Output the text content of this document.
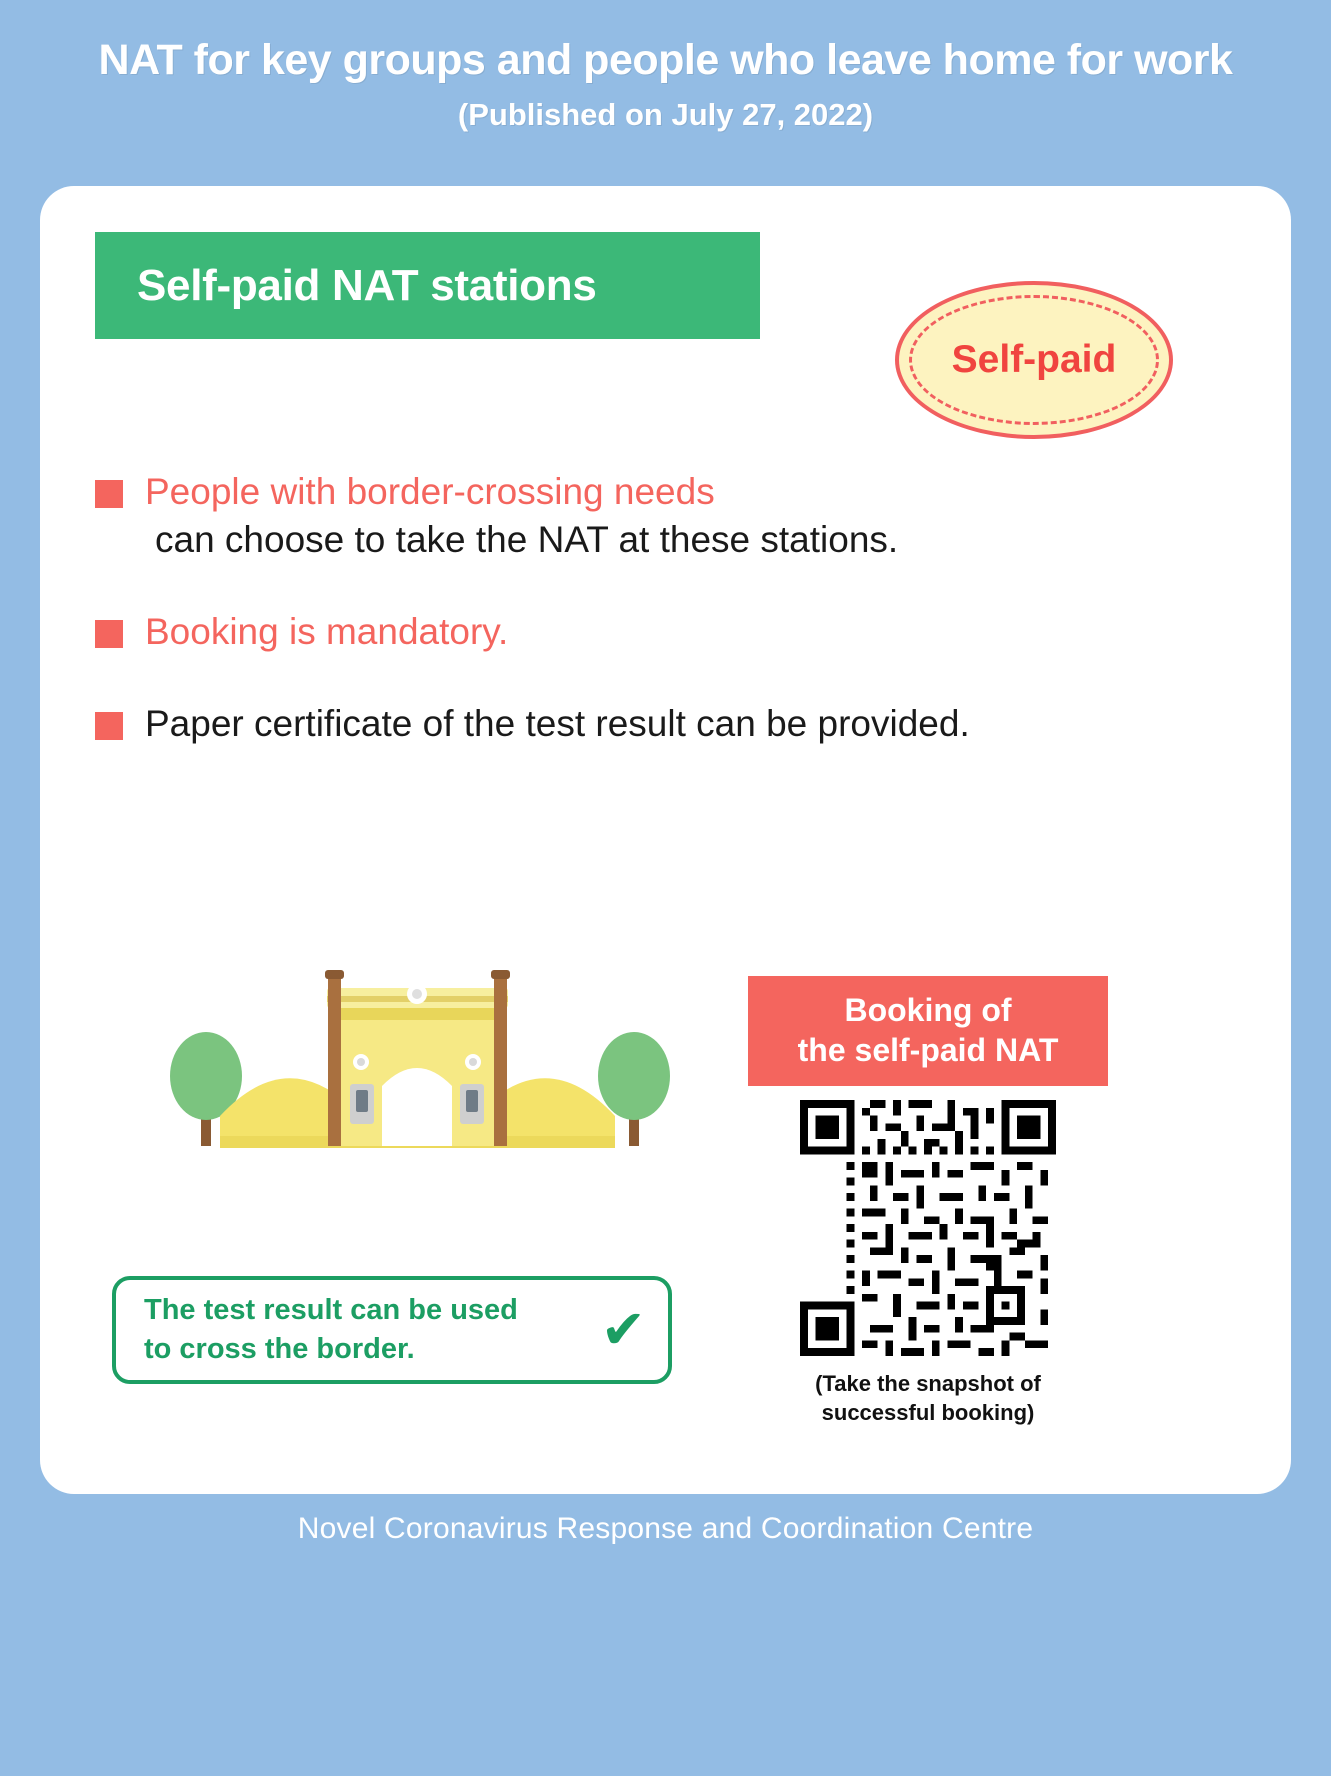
NAT for key groups and people who leave home for work
(Published on July 27, 2022)
Self-paid NAT stations
Self-paid
People with border-crossing needs
can choose to take the NAT at these stations.
Booking is mandatory.
Paper certificate of the test result can be provided.
Booking of
the self-paid NAT
(Take the snapshot of
successful booking)
The test result can be used
to cross the border.	✔
Novel Coronavirus Response and Coordination Centre
